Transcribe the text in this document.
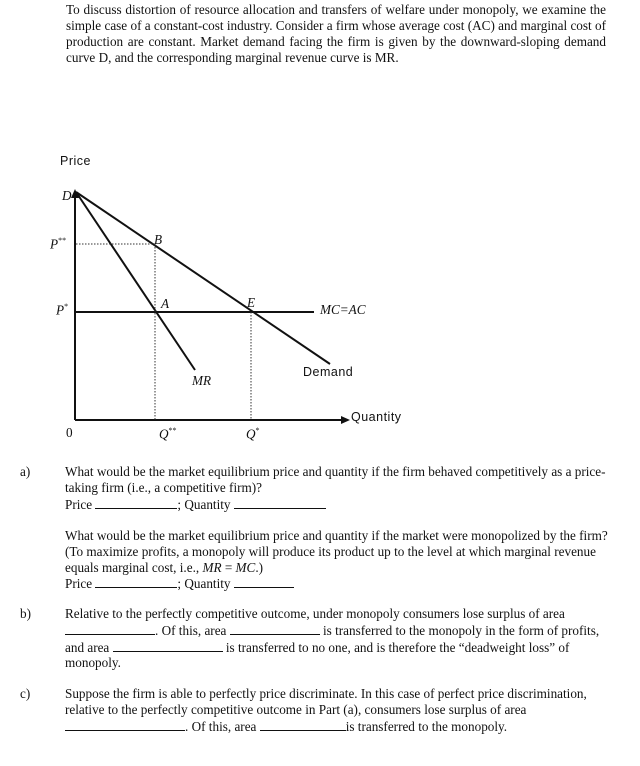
To discuss distortion of resource allocation and transfers of welfare under monopoly, we examine the simple case of a constant-cost industry. Consider a firm whose average cost (AC) and marginal cost of production are constant. Market demand facing the firm is given by the downward-sloping demand curve D, and the corresponding marginal revenue curve is MR.

Price
D
P**
P*
B
A	E	MC=AC
MR
Demand
Quantity
0	Q**	Q*
a)	What would be the market equilibrium price and quantity if the firm behaved competitively as a price-taking firm (i.e., a competitive firm)?

Price	; Quantity

What would be the market equilibrium price and quantity if the market were monopolized by the firm? (To maximize profits, a monopoly will produce its product up to the level at which marginal revenue equals marginal cost, i.e., MR = MC.)

Price	; Quantity

b)	Relative to the perfectly competitive outcome, under monopoly consumers lose surplus of area . Of this, area	is transferred to the monopoly in the form of profits, and area	is transferred to no one, and is therefore the “deadweight loss” of monopoly.

c)	Suppose the firm is able to perfectly price discriminate. In this case of perfect price discrimination, relative to the perfectly competitive outcome in Part (a), consumers lose surplus of area . Of this, area	is transferred to the monopoly.
